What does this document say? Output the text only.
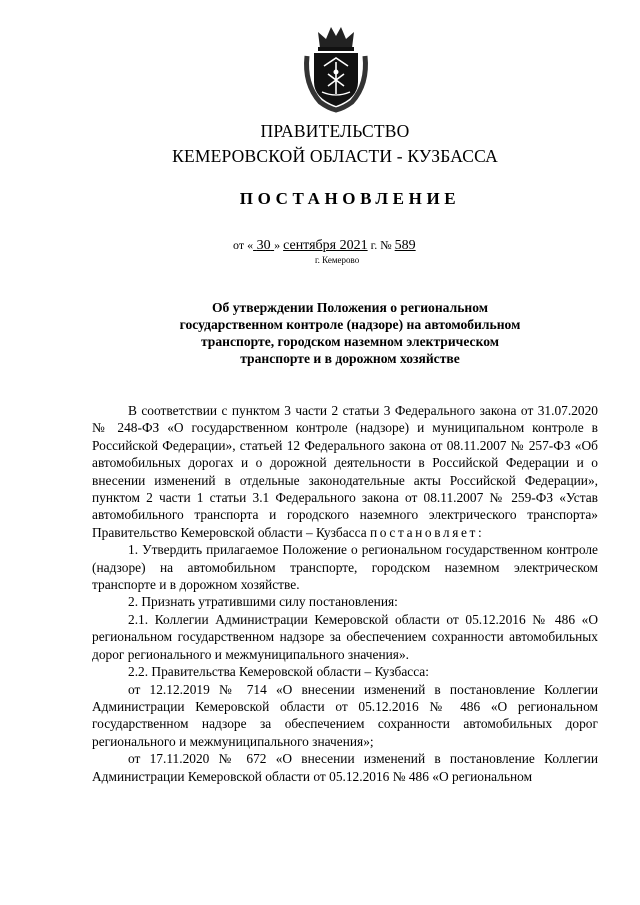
ПРАВИТЕЛЬСТВО
КЕМЕРОВСКОЙ ОБЛАСТИ - КУЗБАССА
ПОСТАНОВЛЕНИЕ
от « 30 » сентября 2021 г. № 589
г. Кемерово
Об утверждении Положения о региональном
государственном контроле (надзоре) на автомобильном
транспорте, городском наземном электрическом
транспорте и в дорожном хозяйстве

В соответствии с пунктом 3 части 2 статьи 3 Федерального закона от 31.07.2020 № 248-ФЗ «О государственном контроле (надзоре) и муниципальном контроле в Российской Федерации», статьей 12 Федерального закона от 08.11.2007 № 257-ФЗ «Об автомобильных дорогах и о дорожной деятельности в Российской Федерации и о внесении изменений в отдельные законодательные акты Российской Федерации», пунктом 2 части 1 статьи 3.1 Федерального закона от 08.11.2007 № 259-ФЗ «Устав автомобильного транспорта и городского наземного электрического транспорта» Правительство Кемеровской области – Кузбасса постановляет:

1. Утвердить прилагаемое Положение о региональном государственном контроле (надзоре) на автомобильном транспорте, городском наземном электрическом транспорте и в дорожном хозяйстве.

2. Признать утратившими силу постановления:

2.1. Коллегии Администрации Кемеровской области от 05.12.2016 № 486 «О региональном государственном надзоре за обеспечением сохранности автомобильных дорог регионального и межмуниципального значения».

2.2. Правительства Кемеровской области – Кузбасса:

от 12.12.2019 № 714 «О внесении изменений в постановление Коллегии Администрации Кемеровской области от 05.12.2016 № 486 «О региональном государственном надзоре за обеспечением сохранности автомобильных дорог регионального и межмуниципального значения»;

от 17.11.2020 № 672 «О внесении изменений в постановление Коллегии Администрации Кемеровской области от 05.12.2016 № 486 «О региональном
